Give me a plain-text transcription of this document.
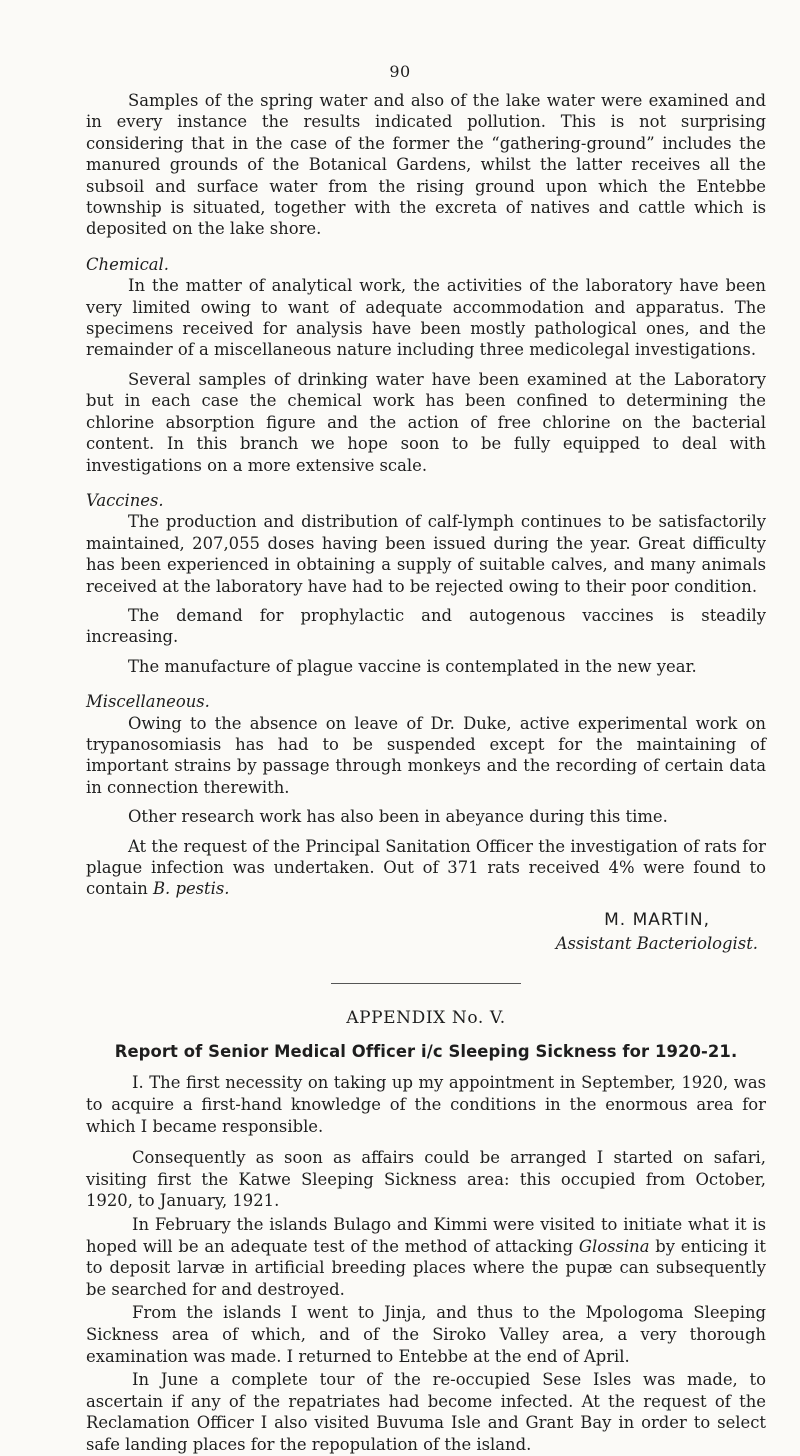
90

Samples of the spring water and also of the lake water were examined and in every instance the results indicated pollution. This is not surprising considering that in the case of the former the “gathering-ground” includes the manured grounds of the Botanical Gardens, whilst the latter receives all the subsoil and surface water from the rising ground upon which the Entebbe township is situated, together with the excreta of natives and cattle which is deposited on the lake shore.

Chemical.

In the matter of analytical work, the activities of the laboratory have been very limited owing to want of adequate accommodation and apparatus. The specimens received for analysis have been mostly pathological ones, and the remainder of a miscellaneous nature including three medicolegal investigations.

Several samples of drinking water have been examined at the Laboratory but in each case the chemical work has been confined to determining the chlorine absorption figure and the action of free chlorine on the bacterial content. In this branch we hope soon to be fully equipped to deal with investigations on a more extensive scale.

Vaccines.

The production and distribution of calf-lymph continues to be satisfactorily maintained, 207,055 doses having been issued during the year. Great difficulty has been experienced in obtaining a supply of suitable calves, and many animals received at the laboratory have had to be rejected owing to their poor condition.

The demand for prophylactic and autogenous vaccines is steadily increasing.

The manufacture of plague vaccine is contemplated in the new year.

Miscellaneous.

Owing to the absence on leave of Dr. Duke, active experimental work on trypanosomiasis has had to be suspended except for the maintaining of important strains by passage through monkeys and the recording of certain data in connection therewith.

Other research work has also been in abeyance during this time.

At the request of the Principal Sanitation Officer the investigation of rats for plague infection was undertaken. Out of 371 rats received 4% were found to contain B. pestis.

M. MARTIN,
Assistant Bacteriologist.
APPENDIX No. V.
Report of Senior Medical Officer i/c Sleeping Sickness for 1920-21.

I. The first necessity on taking up my appointment in September, 1920, was to acquire a first-hand knowledge of the conditions in the enormous area for which I became responsible.

Consequently as soon as affairs could be arranged I started on safari, visiting first the Katwe Sleeping Sickness area: this occupied from October, 1920, to January, 1921.

In February the islands Bulago and Kimmi were visited to initiate what it is hoped will be an adequate test of the method of attacking Glossina by enticing it to deposit larvæ in artificial breeding places where the pupæ can subsequently be searched for and destroyed.

From the islands I went to Jinja, and thus to the Mpologoma Sleeping Sickness area of which, and of the Siroko Valley area, a very thorough examination was made. I returned to Entebbe at the end of April.

In June a complete tour of the re-occupied Sese Isles was made, to ascertain if any of the repatriates had become infected. At the request of the Reclamation Officer I also visited Buvuma Isle and Grant Bay in order to select safe landing places for the repopulation of the island.
